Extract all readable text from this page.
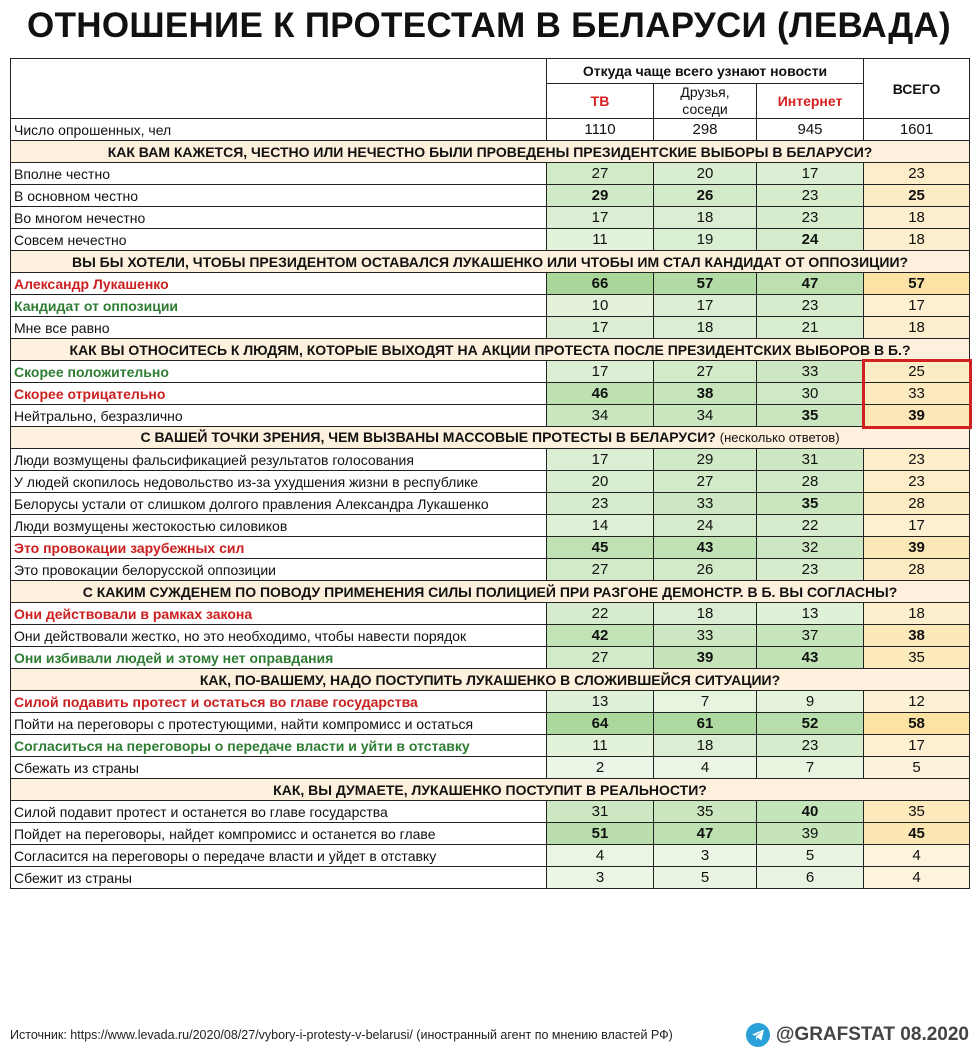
ОТНОШЕНИЕ К ПРОТЕСТАМ В БЕЛАРУСИ (ЛЕВАДА)
	Откуда чаще всего узнают новости			ВСЕГО
	ТВ	Друзья, соседи	Интернет	
Число опрошенных, чел	1110	298	945	1601
КАК ВАМ КАЖЕТСЯ, ЧЕСТНО ИЛИ НЕЧЕСТНО БЫЛИ ПРОВЕДЕНЫ ПРЕЗИДЕНТСКИЕ ВЫБОРЫ В БЕЛАРУСИ?				
Вполне честно	27	20	17	23
В основном честно	29	26	23	25
Во многом нечестно	17	18	23	18
Совсем нечестно	11	19	24	18
ВЫ БЫ ХОТЕЛИ, ЧТОБЫ ПРЕЗИДЕНТОМ ОСТАВАЛСЯ ЛУКАШЕНКО ИЛИ ЧТОБЫ ИМ СТАЛ КАНДИДАТ ОТ ОППОЗИЦИИ?				
Александр Лукашенко	66	57	47	57
Кандидат от оппозиции	10	17	23	17
Мне все равно	17	18	21	18
КАК ВЫ ОТНОСИТЕСЬ К ЛЮДЯМ, КОТОРЫЕ ВЫХОДЯТ НА АКЦИИ ПРОТЕСТА ПОСЛЕ ПРЕЗИДЕНТСКИХ ВЫБОРОВ В Б.?				
Скорее положительно	17	27	33	25
Скорее отрицательно	46	38	30	33
Нейтрально, безразлично	34	34	35	39
С ВАШЕЙ ТОЧКИ ЗРЕНИЯ, ЧЕМ ВЫЗВАНЫ МАССОВЫЕ ПРОТЕСТЫ В БЕЛАРУСИ? (несколько ответов)				
Люди возмущены фальсификацией результатов голосования	17	29	31	23
У людей скопилось недовольство из-за ухудшения жизни в республике	20	27	28	23
Белорусы устали от слишком долгого правления Александра Лукашенко	23	33	35	28
Люди возмущены жестокостью силовиков	14	24	22	17
Это провокации зарубежных сил	45	43	32	39
Это провокации белорусской оппозиции	27	26	23	28
С КАКИМ СУЖДЕНЕМ ПО ПОВОДУ ПРИМЕНЕНИЯ СИЛЫ ПОЛИЦИЕЙ ПРИ РАЗГОНЕ ДЕМОНСТР. В Б. ВЫ СОГЛАСНЫ?				
Они действовали в рамках закона	22	18	13	18
Они действовали жестко, но это необходимо, чтобы навести порядок	42	33	37	38
Они избивали людей и этому нет оправдания	27	39	43	35
КАК, ПО-ВАШЕМУ, НАДО ПОСТУПИТЬ ЛУКАШЕНКО В СЛОЖИВШЕЙСЯ СИТУАЦИИ?				
Силой подавить протест и остаться во главе государства	13	7	9	12
Пойти на переговоры с протестующими, найти компромисс и остаться	64	61	52	58
Согласиться на переговоры о передаче власти и уйти в отставку	11	18	23	17
Сбежать из страны	2	4	7	5
КАК, ВЫ ДУМАЕТЕ, ЛУКАШЕНКО ПОСТУПИТ В РЕАЛЬНОСТИ?				
Силой подавит протест и останется во главе государства	31	35	40	35
Пойдет на переговоры, найдет компромисс и останется во главе	51	47	39	45
Согласится на переговоры о передаче власти и уйдет в отставку	4	3	5	4
Сбежит из страны	3	5	6	4
Источник: https://www.levada.ru/2020/08/27/vybory-i-protesty-v-belarusi/ (иностранный агент по мнению властей РФ)	@GRAFSTAT 08.2020
